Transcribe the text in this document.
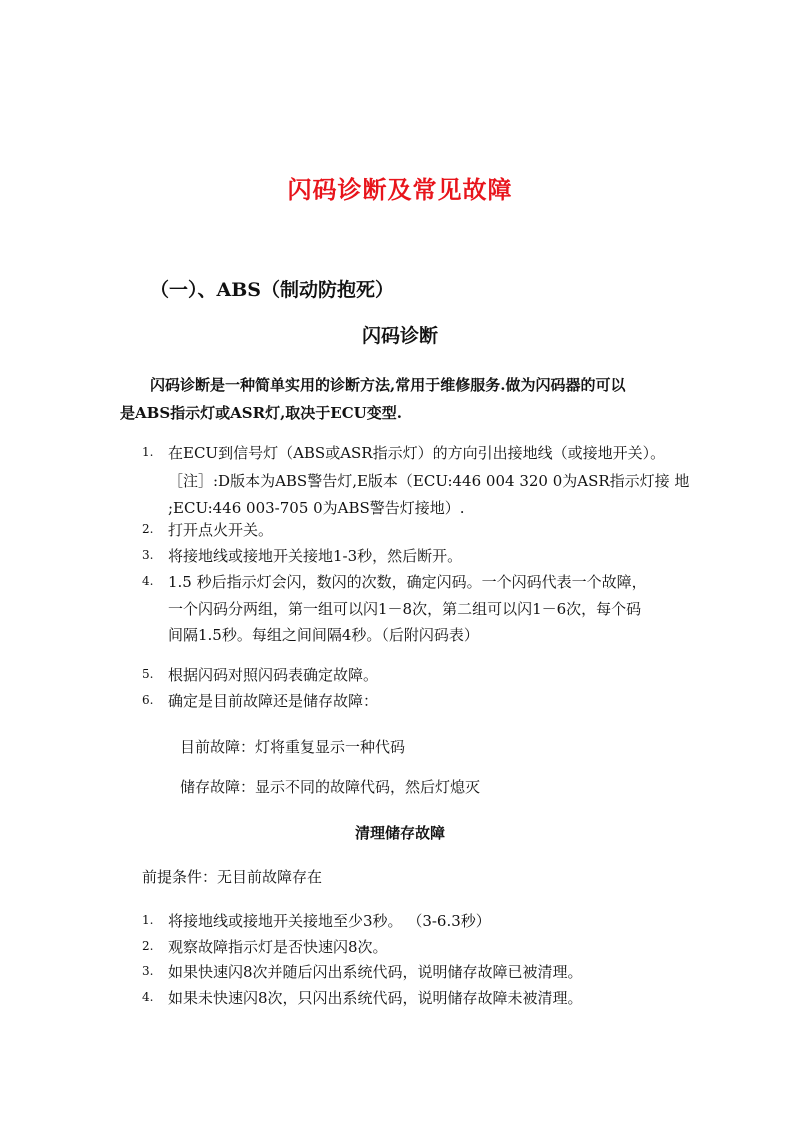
闪码诊断及常见故障
（一）、ABS（制动防抱死）
闪码诊断
闪码诊断是一种简单实用的诊断方法,常用于维修服务.做为闪码器的可以
是ABS指示灯或ASR灯,取决于ECU变型.
1. 在ECU到信号灯（ABS或ASR指示灯）的方向引出接地线（或接地开关）。
［注］:D版本为ABS警告灯,E版本（ECU:446 004 320 0为ASR指示灯接 地
;ECU:446 003-705 0为ABS警告灯接地）.
2. 打开点火开关。
3. 将接地线或接地开关接地1-3秒，然后断开。
4. 1.5 秒后指示灯会闪，数闪的次数，确定闪码。一个闪码代表一个故障，
一个闪码分两组，第一组可以闪1－8次，第二组可以闪1－6次，每个码
间隔1.5秒。每组之间间隔4秒。（后附闪码表）
5. 根据闪码对照闪码表确定故障。
6. 确定是目前故障还是储存故障：
目前故障：灯将重复显示一种代码
储存故障：显示不同的故障代码，然后灯熄灭
清理储存故障
前提条件：无目前故障存在
1. 将接地线或接地开关接地至少3秒。 （3-6.3秒）
2. 观察故障指示灯是否快速闪8次。
3. 如果快速闪8次并随后闪出系统代码，说明储存故障已被清理。
4. 如果未快速闪8次，只闪出系统代码，说明储存故障未被清理。
